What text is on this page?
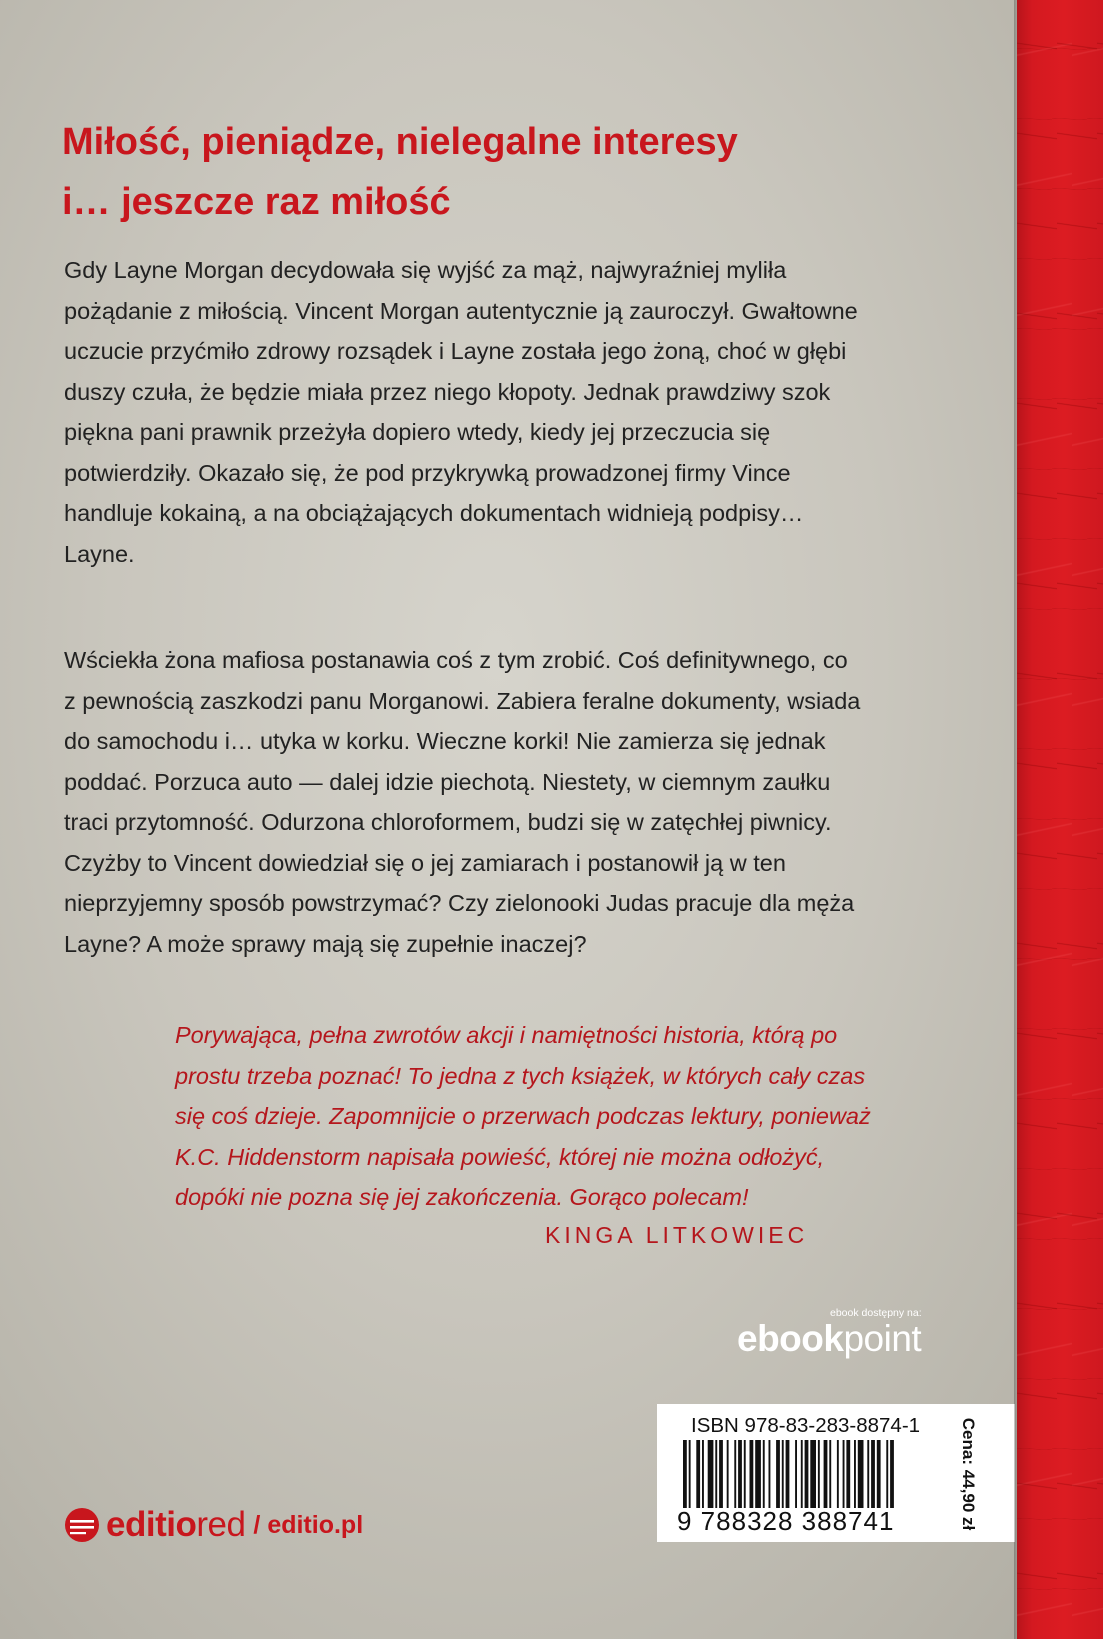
Miłość, pieniądze, nielegalne interesy
i… jeszcze raz miłość

Gdy Layne Morgan decydowała się wyjść za mąż, najwyraźniej myliła
pożądanie z miłością. Vincent Morgan autentycznie ją zauroczył. Gwałtowne
uczucie przyćmiło zdrowy rozsądek i Layne została jego żoną, choć w głębi
duszy czuła, że będzie miała przez niego kłopoty. Jednak prawdziwy szok
piękna pani prawnik przeżyła dopiero wtedy, kiedy jej przeczucia się
potwierdziły. Okazało się, że pod przykrywką prowadzonej firmy Vince
handluje kokainą, a na obciążających dokumentach widnieją podpisy…
Layne.

Wściekła żona mafiosa postanawia coś z tym zrobić. Coś definitywnego, co
z pewnością zaszkodzi panu Morganowi. Zabiera feralne dokumenty, wsiada
do samochodu i… utyka w korku. Wieczne korki! Nie zamierza się jednak
poddać. Porzuca auto — dalej idzie piechotą. Niestety, w ciemnym zaułku
traci przytomność. Odurzona chloroformem, budzi się w zatęchłej piwnicy.
Czyżby to Vincent dowiedział się o jej zamiarach i postanowił ją w ten
nieprzyjemny sposób powstrzymać? Czy zielonooki Judas pracuje dla męża
Layne? A może sprawy mają się zupełnie inaczej?

Porywająca, pełna zwrotów akcji i namiętności historia, którą po
prostu trzeba poznać! To jedna z tych książek, w których cały czas
się coś dzieje. Zapomnijcie o przerwach podczas lektury, ponieważ
K.C. Hiddenstorm napisała powieść, której nie można odłożyć,
dopóki nie pozna się jej zakończenia. Gorąco polecam!

KINGA LITKOWIEC

ebook dostępny na:
ebookpoint
ISBN 978-83-283-8874-1
9 788328 388741	Cena: 44,90 zł
editiored / editio.pl
